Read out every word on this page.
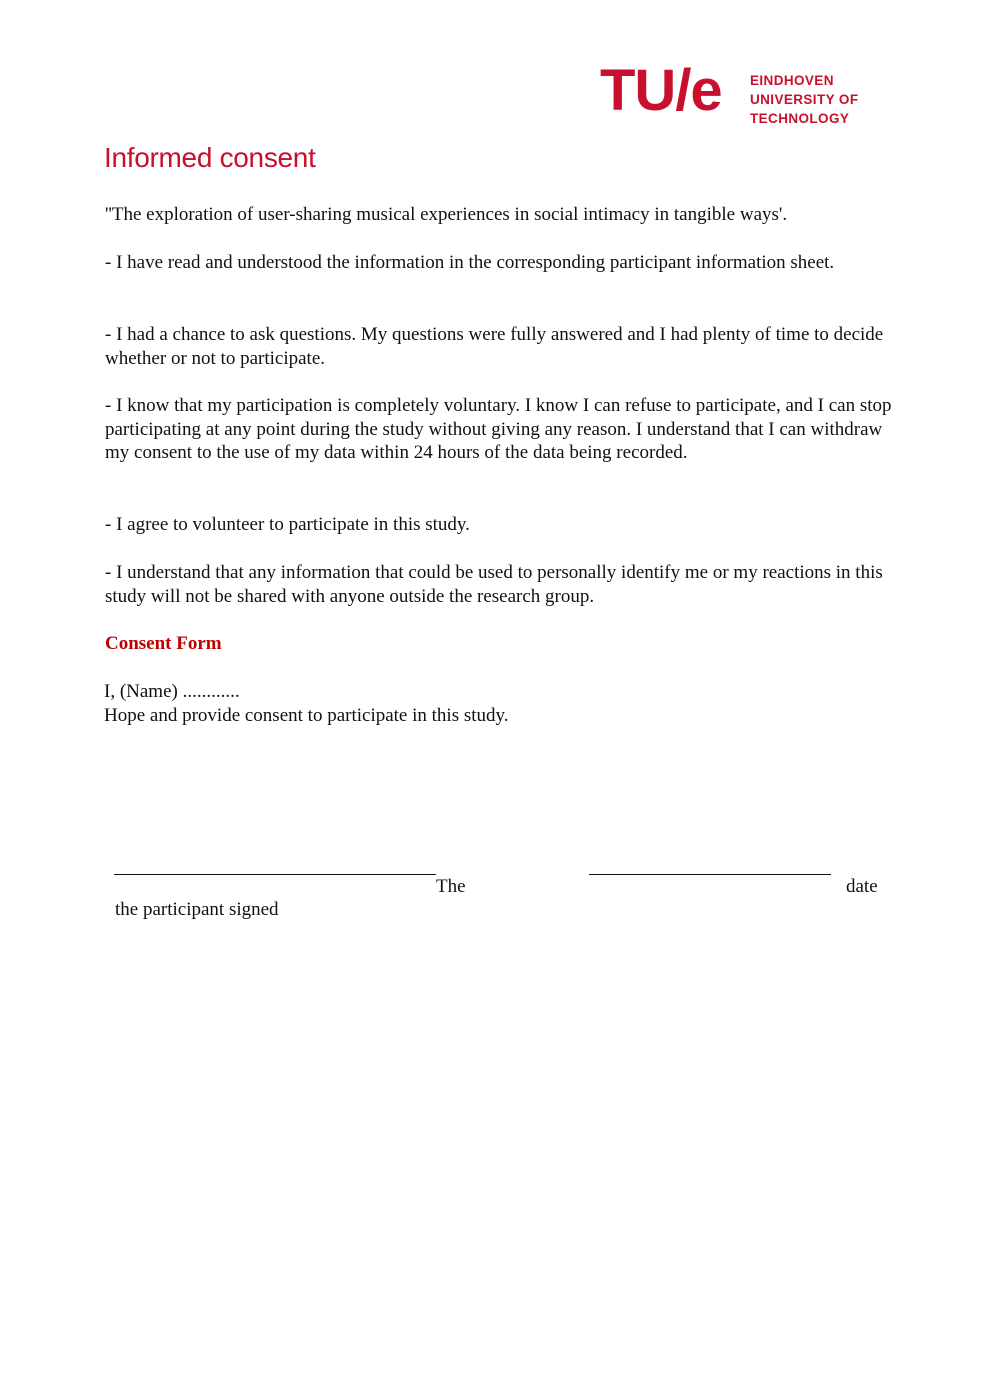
TU/e EINDHOVEN
UNIVERSITY OF
TECHNOLOGY
Informed consent

''The exploration of user-sharing musical experiences in social intimacy in tangible ways'.

- I have read and understood the information in the corresponding participant information sheet.

- I had a chance to ask questions. My questions were fully answered and I had plenty of time to decide whether or not to participate.

- I know that my participation is completely voluntary. I know I can refuse to participate, and I can stop participating at any point during the study without giving any reason. I understand that I can withdraw my consent to the use of my data within 24 hours of the data being recorded.

- I agree to volunteer to participate in this study.

- I understand that any information that could be used to personally identify me or my reactions in this study will not be shared with anyone outside the research group.

Consent Form

I, (Name) ............

Hope and provide consent to participate in this study.

The	date
the participant signed
